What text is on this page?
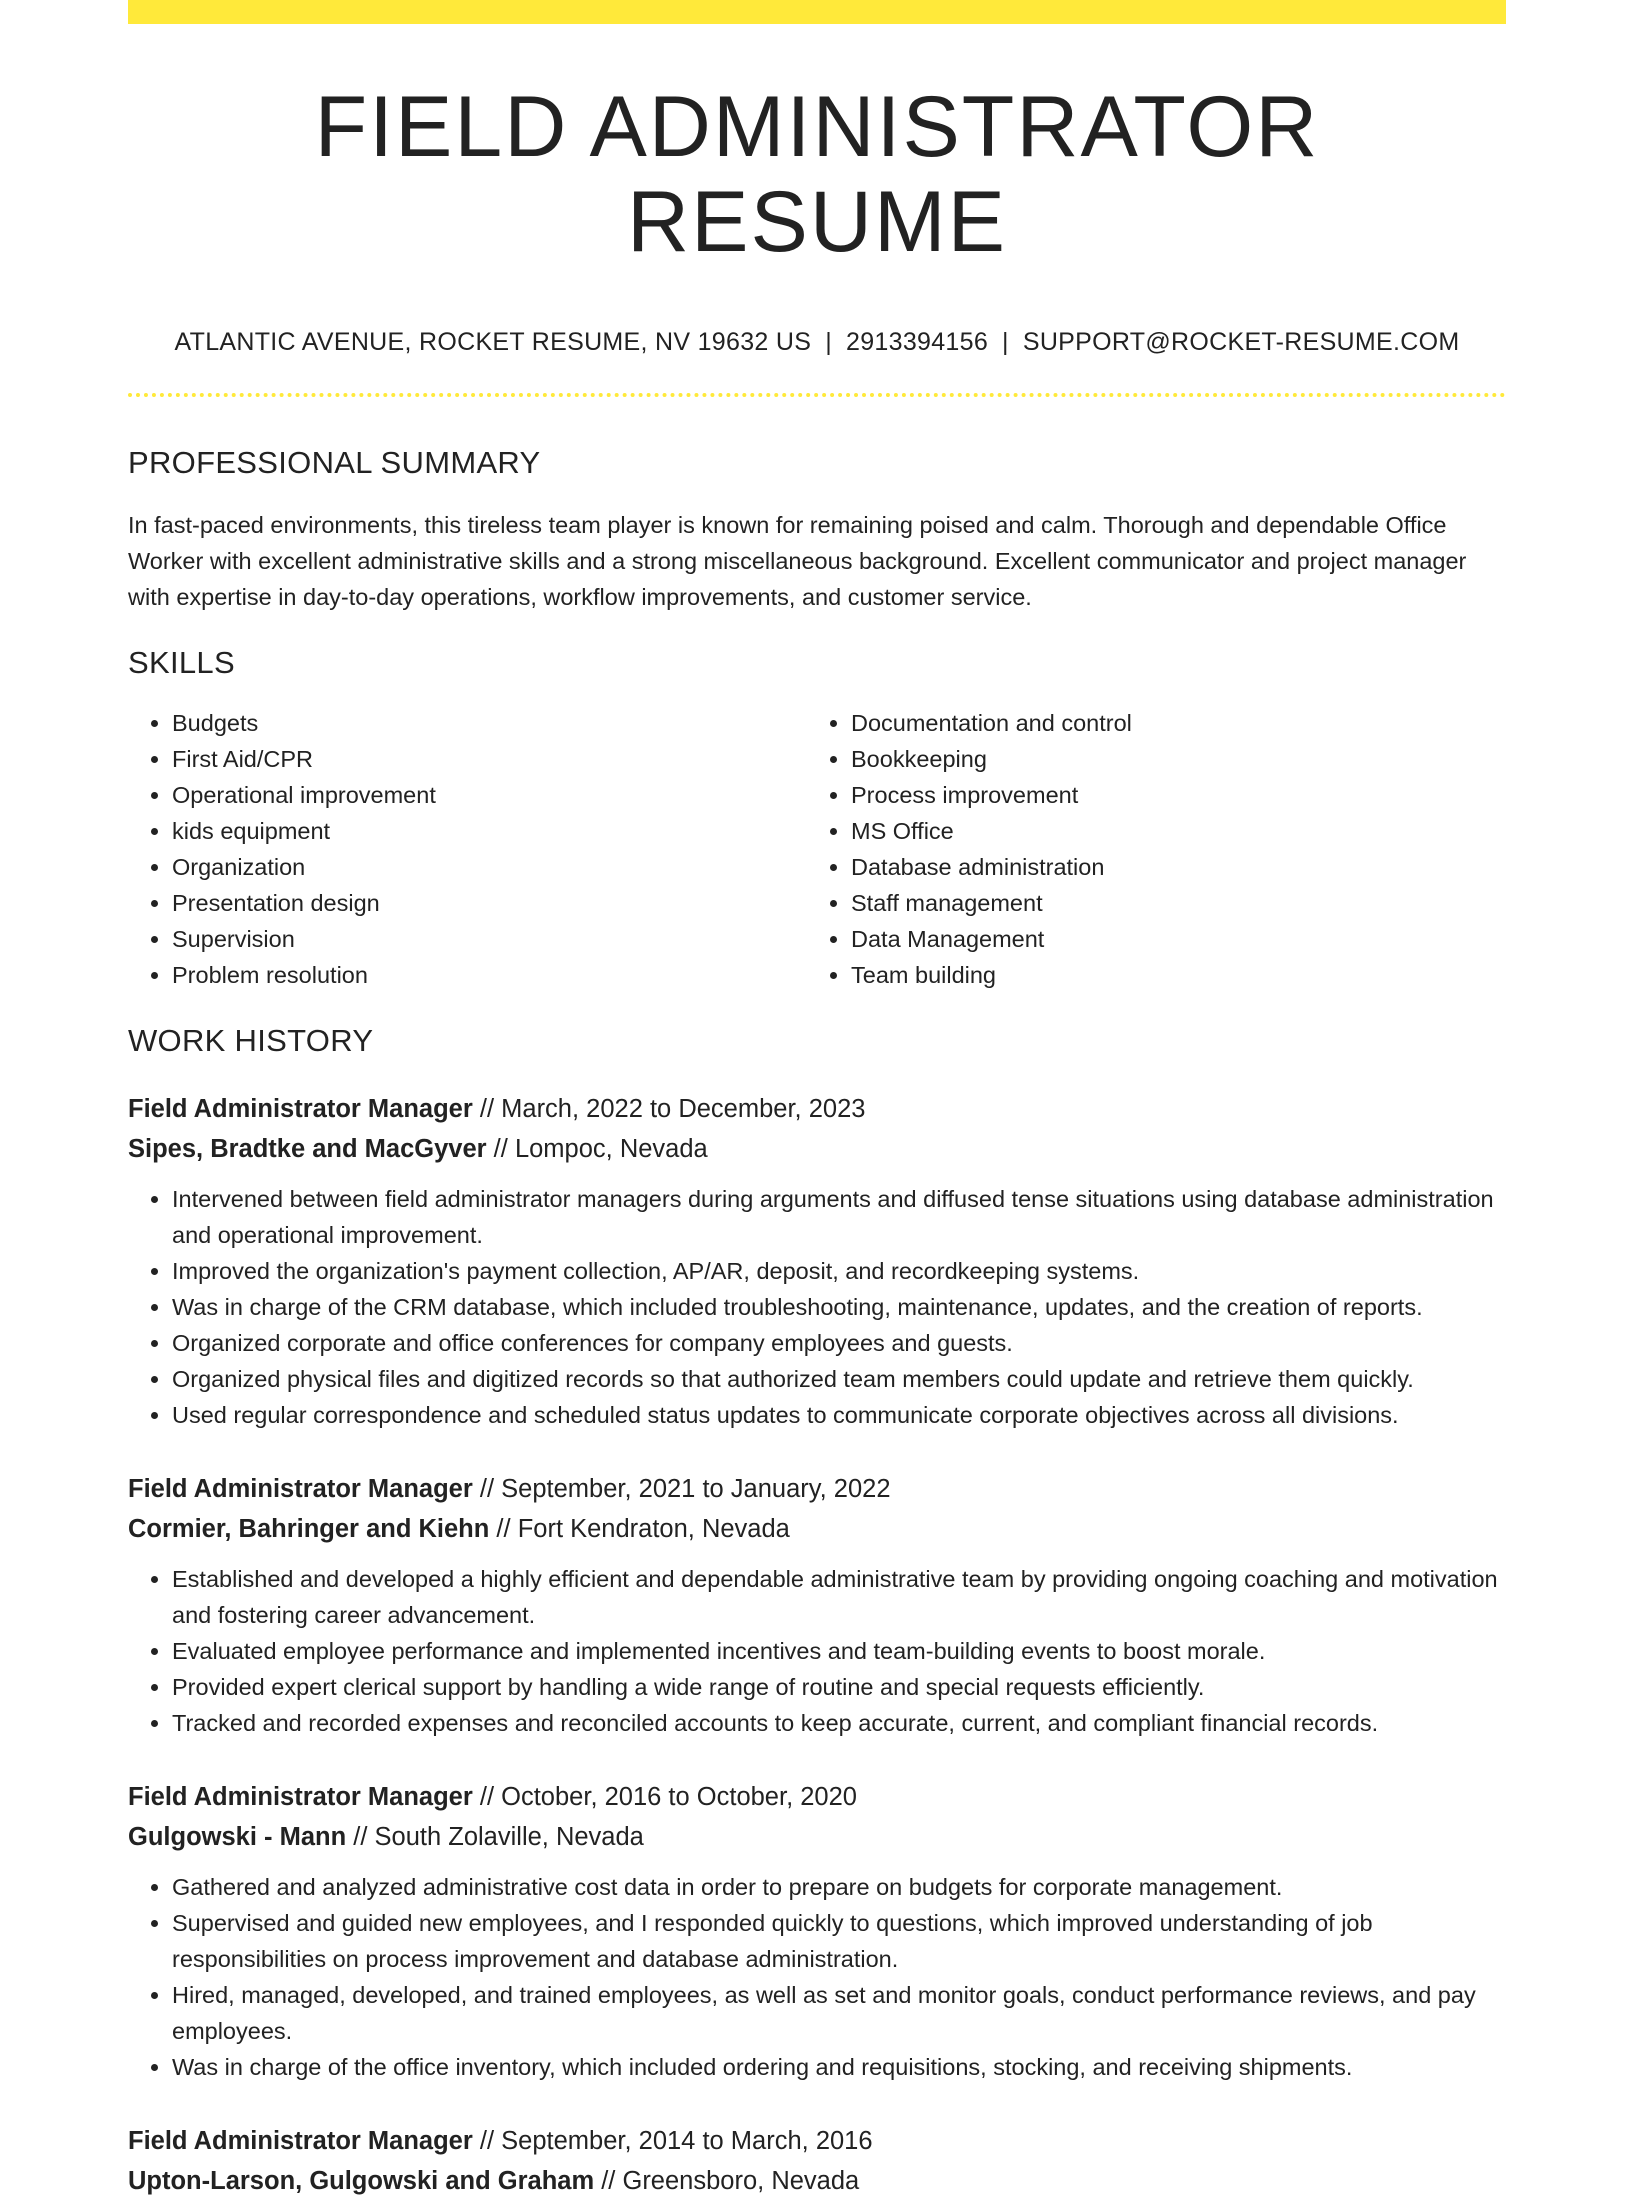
FIELD ADMINISTRATOR RESUME
ATLANTIC AVENUE, ROCKET RESUME, NV 19632 US | 2913394156 | SUPPORT@ROCKET-RESUME.COM
PROFESSIONAL SUMMARY

In fast-paced environments, this tireless team player is known for remaining poised and calm. Thorough and dependable Office Worker with excellent administrative skills and a strong miscellaneous background. Excellent communicator and project manager with expertise in day-to-day operations, workflow improvements, and customer service.

SKILLS
• Budgets
• First Aid/CPR
• Operational improvement
• kids equipment
• Organization
• Presentation design
• Supervision
• Problem resolution
• Documentation and control
• Bookkeeping
• Process improvement
• MS Office
• Database administration
• Staff management
• Data Management
• Team building
WORK HISTORY
Field Administrator Manager // March, 2022 to December, 2023
Sipes, Bradtke and MacGyver // Lompoc, Nevada
• Intervened between field administrator managers during arguments and diffused tense situations using database administration and operational improvement.
• Improved the organization's payment collection, AP/AR, deposit, and recordkeeping systems.
• Was in charge of the CRM database, which included troubleshooting, maintenance, updates, and the creation of reports.
• Organized corporate and office conferences for company employees and guests.
• Organized physical files and digitized records so that authorized team members could update and retrieve them quickly.
• Used regular correspondence and scheduled status updates to communicate corporate objectives across all divisions.
Field Administrator Manager // September, 2021 to January, 2022
Cormier, Bahringer and Kiehn // Fort Kendraton, Nevada
• Established and developed a highly efficient and dependable administrative team by providing ongoing coaching and motivation and fostering career advancement.
• Evaluated employee performance and implemented incentives and team-building events to boost morale.
• Provided expert clerical support by handling a wide range of routine and special requests efficiently.
• Tracked and recorded expenses and reconciled accounts to keep accurate, current, and compliant financial records.
Field Administrator Manager // October, 2016 to October, 2020
Gulgowski - Mann // South Zolaville, Nevada
• Gathered and analyzed administrative cost data in order to prepare on budgets for corporate management.
• Supervised and guided new employees, and I responded quickly to questions, which improved understanding of job responsibilities on process improvement and database administration.
• Hired, managed, developed, and trained employees, as well as set and monitor goals, conduct performance reviews, and pay employees.
• Was in charge of the office inventory, which included ordering and requisitions, stocking, and receiving shipments.
Field Administrator Manager // September, 2014 to March, 2016
Upton-Larson, Gulgowski and Graham // Greensboro, Nevada
